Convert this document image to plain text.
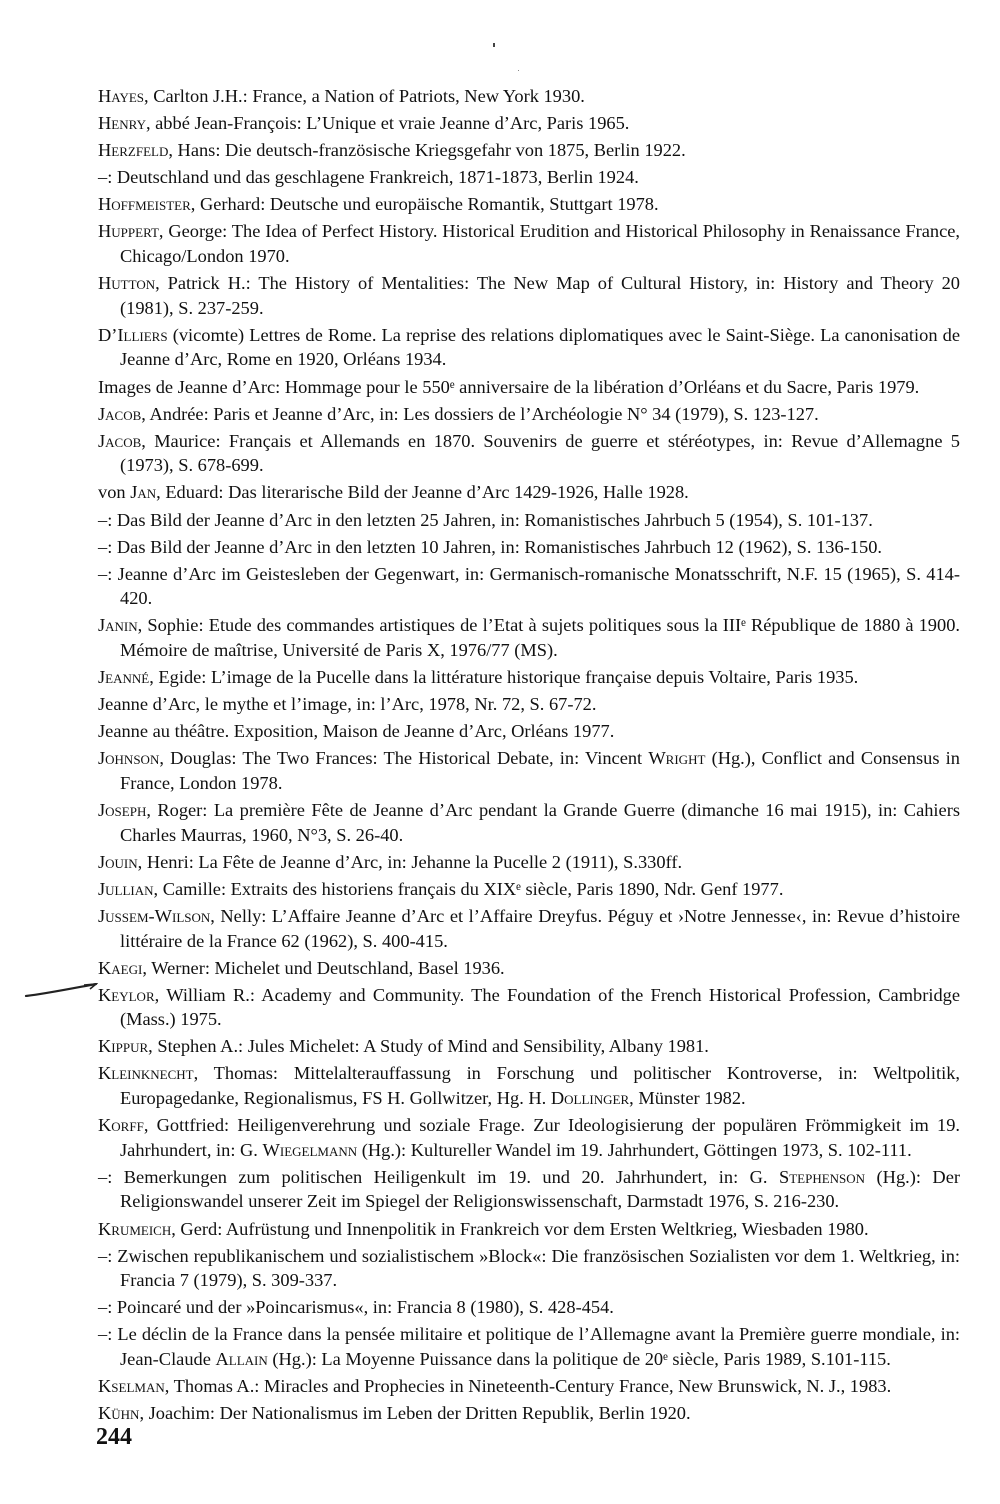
Hayes, Carlton J.H.: France, a Nation of Patriots, New York 1930.
Henry, abbé Jean-François: L’Unique et vraie Jeanne d’Arc, Paris 1965.
Herzfeld, Hans: Die deutsch-französische Kriegsgefahr von 1875, Berlin 1922.
–: Deutschland und das geschlagene Frankreich, 1871-1873, Berlin 1924.
Hoffmeister, Gerhard: Deutsche und europäische Romantik, Stuttgart 1978.
Huppert, George: The Idea of Perfect History. Historical Erudition and Historical Philosophy in Renaissance France, Chicago/London 1970.
Hutton, Patrick H.: The History of Mentalities: The New Map of Cultural History, in: History and Theory 20 (1981), S. 237-259.
D’Illiers (vicomte) Lettres de Rome. La reprise des relations diplomatiques avec le Saint-Siège. La canonisation de Jeanne d’Arc, Rome en 1920, Orléans 1934.
Images de Jeanne d’Arc: Hommage pour le 550ᵉ anniversaire de la libération d’Orléans et du Sacre, Paris 1979.
Jacob, Andrée: Paris et Jeanne d’Arc, in: Les dossiers de l’Archéologie N° 34 (1979), S. 123-127.
Jacob, Maurice: Français et Allemands en 1870. Souvenirs de guerre et stéréotypes, in: Revue d’Allemagne 5 (1973), S. 678-699.
von Jan, Eduard: Das literarische Bild der Jeanne d’Arc 1429-1926, Halle 1928.
–: Das Bild der Jeanne d’Arc in den letzten 25 Jahren, in: Romanistisches Jahrbuch 5 (1954), S. 101-137.
–: Das Bild der Jeanne d’Arc in den letzten 10 Jahren, in: Romanistisches Jahrbuch 12 (1962), S. 136-150.
–: Jeanne d’Arc im Geistesleben der Gegenwart, in: Germanisch-romanische Monatsschrift, N.F. 15 (1965), S. 414-420.
Janin, Sophie: Etude des commandes artistiques de l’Etat à sujets politiques sous la IIIᵉ République de 1880 à 1900. Mémoire de maîtrise, Université de Paris X, 1976/77 (MS).
Jeanné, Egide: L’image de la Pucelle dans la littérature historique française depuis Voltaire, Paris 1935.
Jeanne d’Arc, le mythe et l’image, in: l’Arc, 1978, Nr. 72, S. 67-72.
Jeanne au théâtre. Exposition, Maison de Jeanne d’Arc, Orléans 1977.
Johnson, Douglas: The Two Frances: The Historical Debate, in: Vincent Wright (Hg.), Conflict and Consensus in France, London 1978.
Joseph, Roger: La première Fête de Jeanne d’Arc pendant la Grande Guerre (dimanche 16 mai 1915), in: Cahiers Charles Maurras, 1960, N°3, S. 26-40.
Jouin, Henri: La Fête de Jeanne d’Arc, in: Jehanne la Pucelle 2 (1911), S.330ff.
Jullian, Camille: Extraits des historiens français du XIXᵉ siècle, Paris 1890, Ndr. Genf 1977.
Jussem-Wilson, Nelly: L’Affaire Jeanne d’Arc et l’Affaire Dreyfus. Péguy et ›Notre Jennesse‹, in: Revue d’histoire littéraire de la France 62 (1962), S. 400-415.
Kaegi, Werner: Michelet und Deutschland, Basel 1936.
Keylor, William R.: Academy and Community. The Foundation of the French Historical Profession, Cambridge (Mass.) 1975.
Kippur, Stephen A.: Jules Michelet: A Study of Mind and Sensibility, Albany 1981.
Kleinknecht, Thomas: Mittelalterauffassung in Forschung und politischer Kontroverse, in: Weltpolitik, Europagedanke, Regionalismus, FS H. Gollwitzer, Hg. H. Dollinger, Münster 1982.
Korff, Gottfried: Heiligenverehrung und soziale Frage. Zur Ideologisierung der populären Frömmigkeit im 19. Jahrhundert, in: G. Wiegelmann (Hg.): Kultureller Wandel im 19. Jahrhundert, Göttingen 1973, S. 102-111.
–: Bemerkungen zum politischen Heiligenkult im 19. und 20. Jahrhundert, in: G. Stephenson (Hg.): Der Religionswandel unserer Zeit im Spiegel der Religionswissenschaft, Darmstadt 1976, S. 216-230.
Krumeich, Gerd: Aufrüstung und Innenpolitik in Frankreich vor dem Ersten Weltkrieg, Wiesbaden 1980.
–: Zwischen republikanischem und sozialistischem »Block«: Die französischen Sozialisten vor dem 1. Weltkrieg, in: Francia 7 (1979), S. 309-337.
–: Poincaré und der »Poincarismus«, in: Francia 8 (1980), S. 428-454.
–: Le déclin de la France dans la pensée militaire et politique de l’Allemagne avant la Première guerre mondiale, in: Jean-Claude Allain (Hg.): La Moyenne Puissance dans la politique de 20ᵉ siècle, Paris 1989, S.101-115.
Kselman, Thomas A.: Miracles and Prophecies in Nineteenth-Century France, New Brunswick, N. J., 1983.
Kühn, Joachim: Der Nationalismus im Leben der Dritten Republik, Berlin 1920.
244
